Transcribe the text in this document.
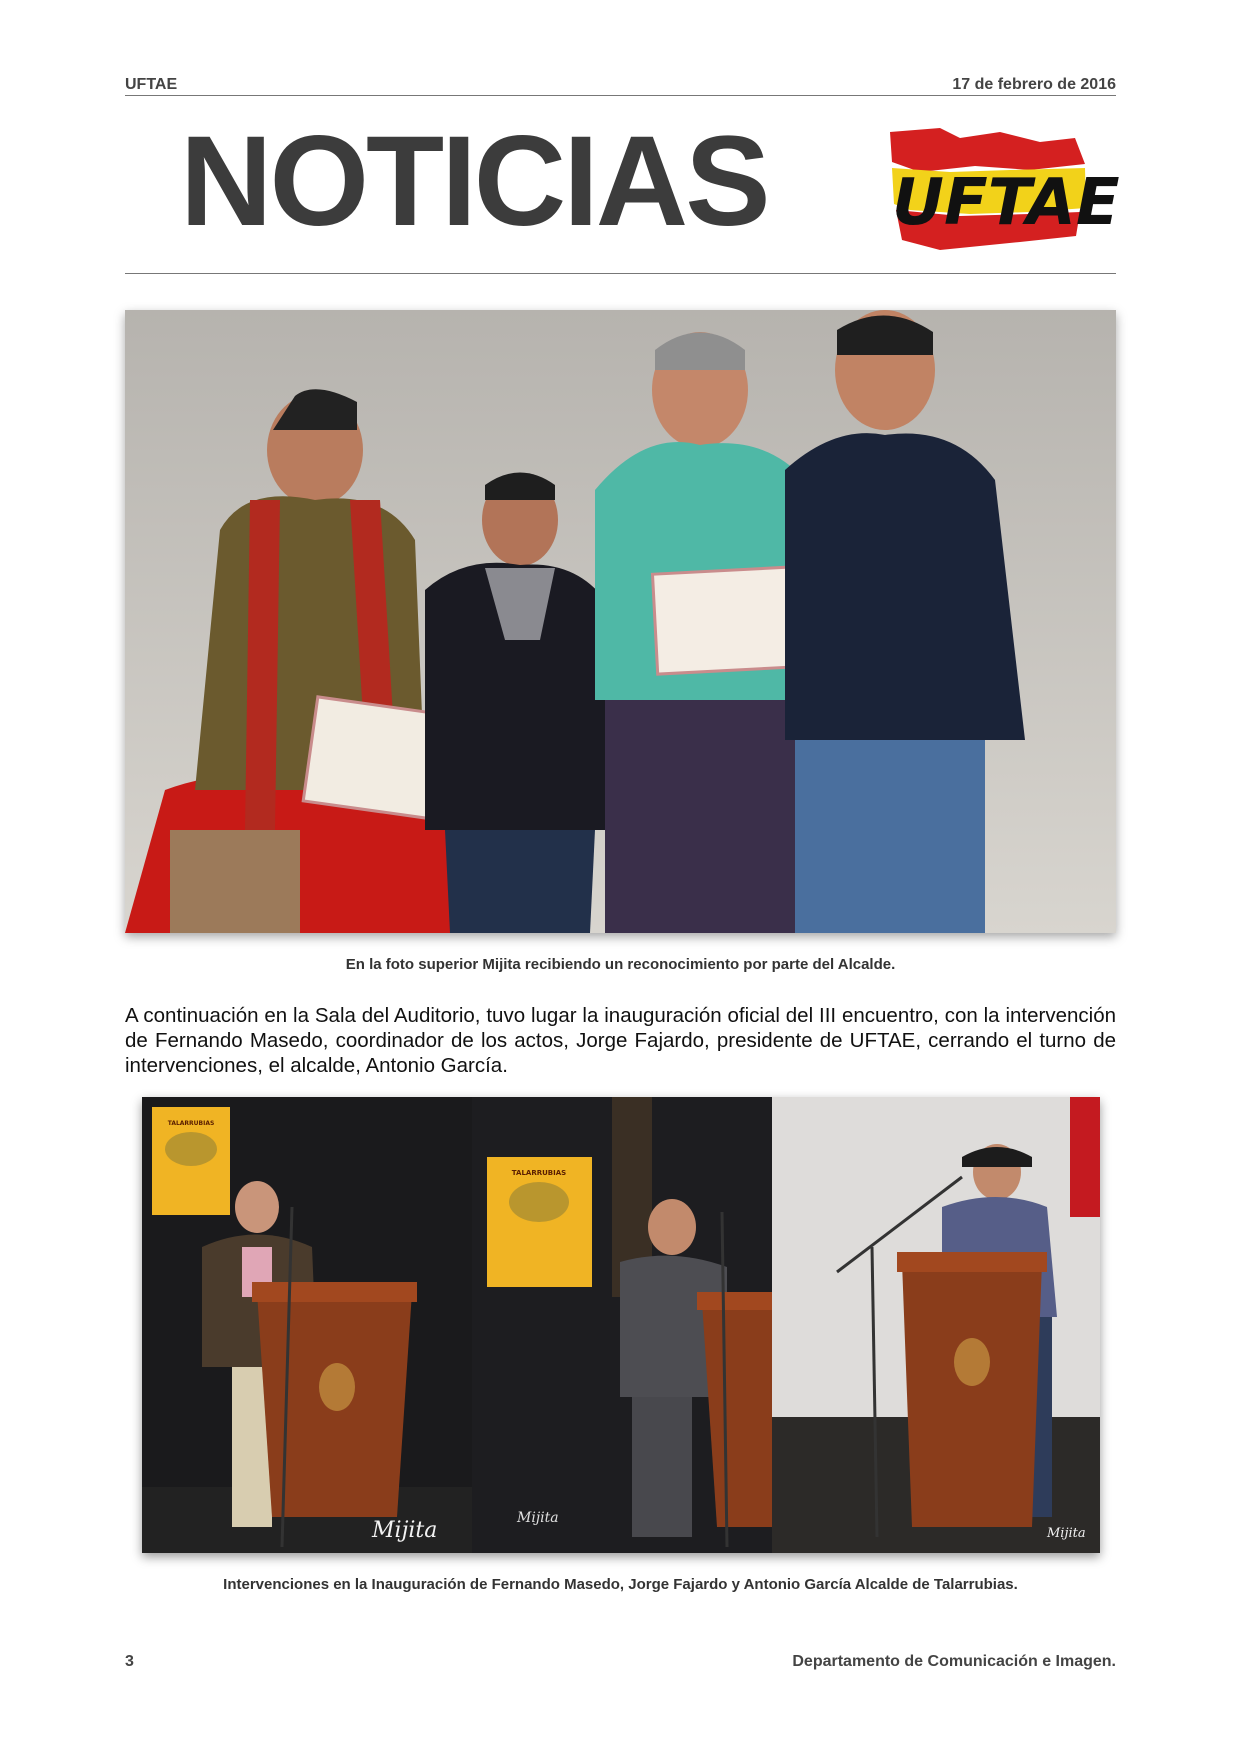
UFTAE	17 de febrero de 2016
NOTICIAS UFTAE
En la foto superior Mijita recibiendo un reconocimiento por parte del Alcalde.
A continuación en la Sala del Auditorio, tuvo lugar la inauguración oficial del III encuentro, con la intervención de Fernando Masedo, coordinador de los actos, Jorge Fajardo, presidente de UFTAE, cerrando el turno de intervenciones, el alcalde, Antonio García.
TALARRUBIAS
Mijita
TALARRUBIAS
Mijita
Mijita
Intervenciones en la Inauguración de Fernando Masedo, Jorge Fajardo y Antonio García Alcalde de Talarrubias.
3	Departamento de Comunicación e Imagen.
